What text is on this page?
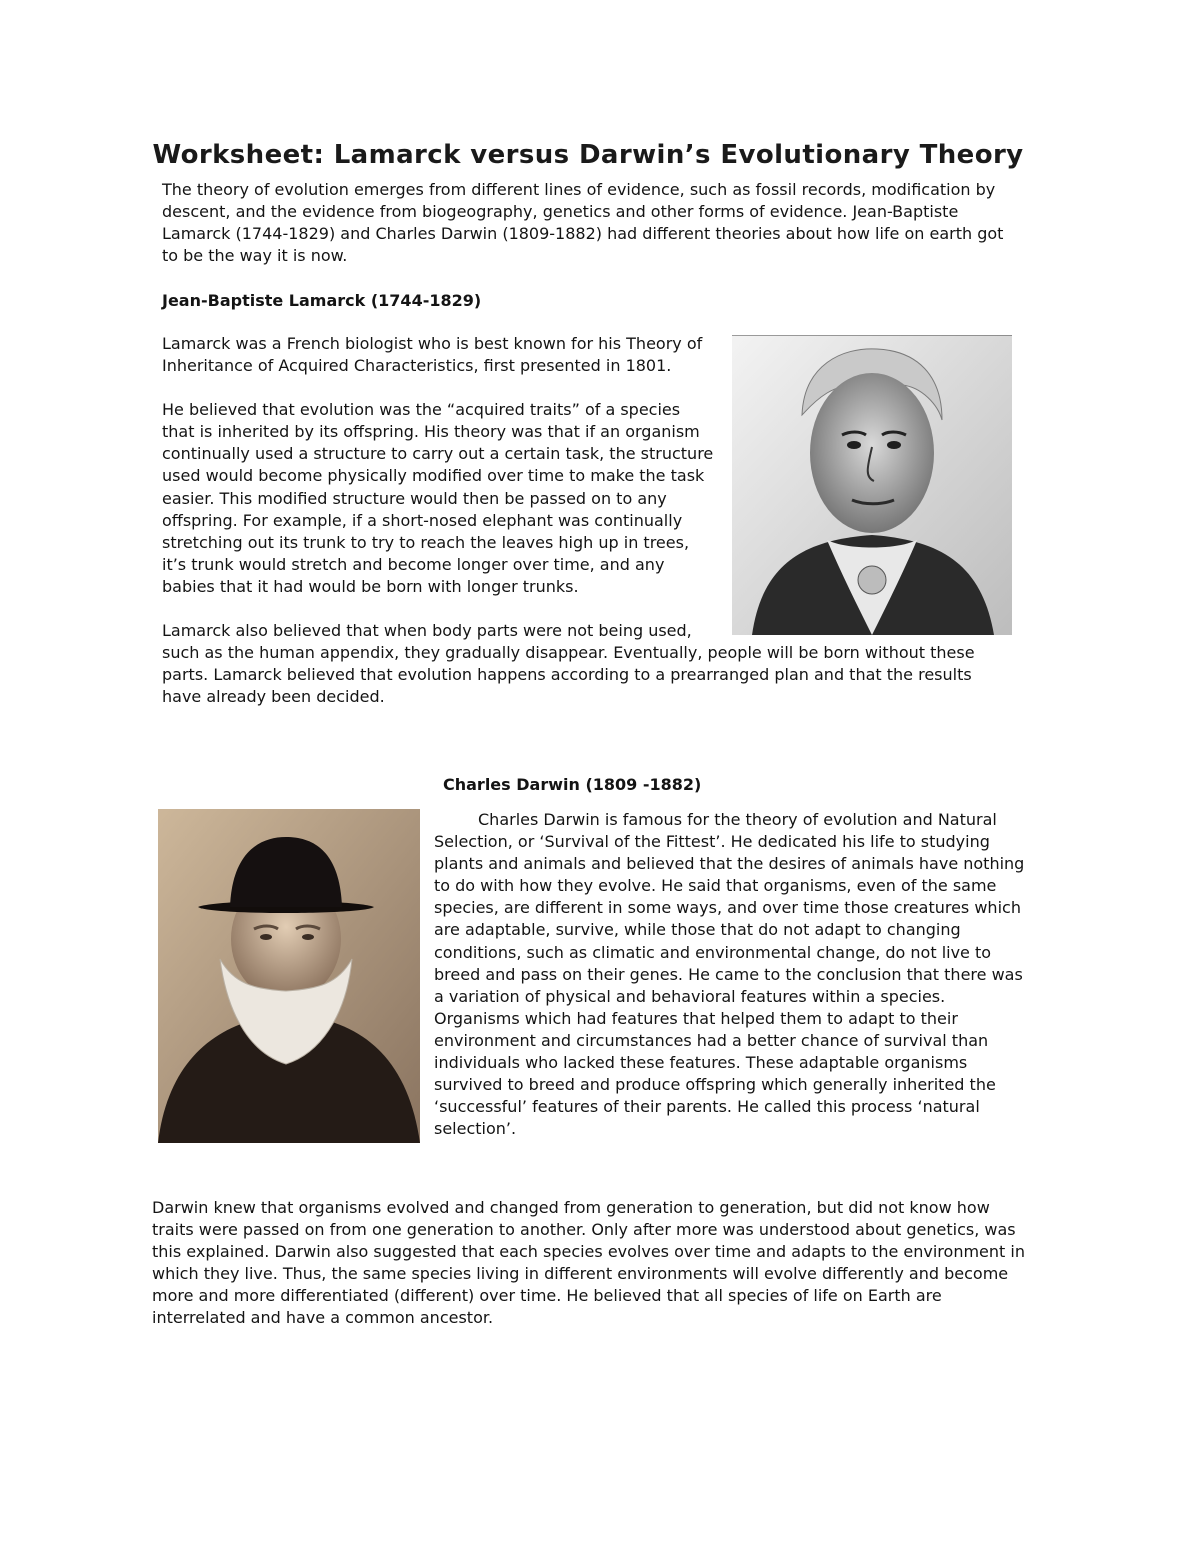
Worksheet: Lamarck versus Darwin’s Evolutionary Theory

The theory of evolution emerges from different lines of evidence, such as fossil records, modification by descent, and the evidence from biogeography, genetics and other forms of evidence. Jean-Baptiste Lamarck (1744-1829) and Charles Darwin (1809-1882) had different theories about how life on earth got to be the way it is now.

Jean-Baptiste Lamarck (1744-1829)

Lamarck was a French biologist who is best known for his Theory of Inheritance of Acquired Characteristics, first presented in 1801.

He believed that evolution was the “acquired traits” of a species that is inherited by its offspring. His theory was that if an organism continually used a structure to carry out a certain task, the structure used would become physically modified over time to make the task easier. This modified structure would then be passed on to any offspring. For example, if a short-nosed elephant was continually stretching out its trunk to try to reach the leaves high up in trees, it’s trunk would stretch and become longer over time, and any babies that it had would be born with longer trunks.

Lamarck also believed that when body parts were not being used, such as the human appendix, they gradually disappear. Eventually, people will be born without these parts. Lamarck believed that evolution happens according to a prearranged plan and that the results have already been decided.

Charles Darwin (1809 -1882)

Charles Darwin is famous for the theory of evolution and Natural Selection, or ‘Survival of the Fittest’. He dedicated his life to studying plants and animals and believed that the desires of animals have nothing to do with how they evolve. He said that organisms, even of the same species, are different in some ways, and over time those creatures which are adaptable, survive, while those that do not adapt to changing conditions, such as climatic and environmental change, do not live to breed and pass on their genes. He came to the conclusion that there was a variation of physical and behavioral features within a species. Organisms which had features that helped them to adapt to their environment and circumstances had a better chance of survival than individuals who lacked these features. These adaptable organisms survived to breed and produce offspring which generally inherited the ‘successful’ features of their parents. He called this process ‘natural selection’.

Darwin knew that organisms evolved and changed from generation to generation, but did not know how traits were passed on from one generation to another. Only after more was understood about genetics, was this explained. Darwin also suggested that each species evolves over time and adapts to the environment in which they live. Thus, the same species living in different environments will evolve differently and become more and more differentiated (different) over time. He believed that all species of life on Earth are interrelated and have a common ancestor.
